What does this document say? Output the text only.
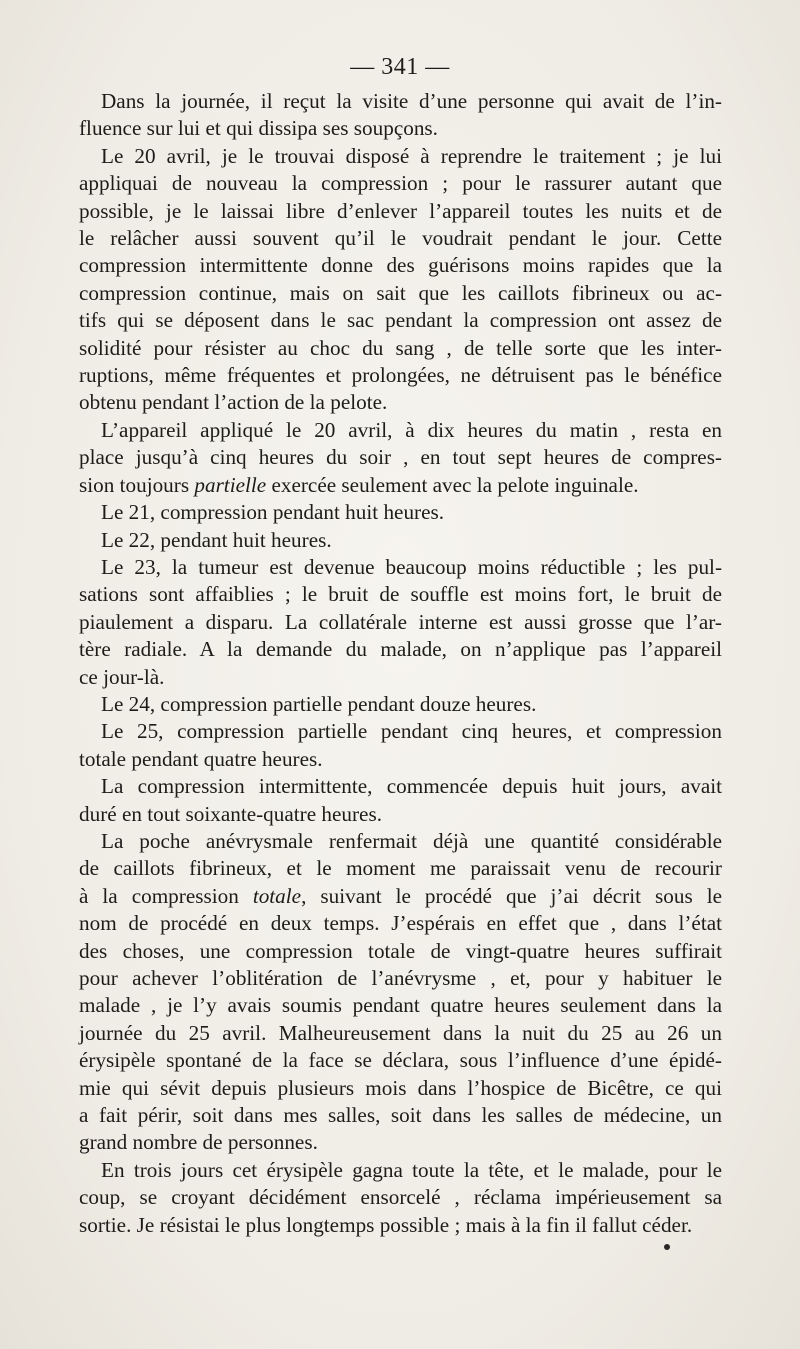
— 341 —

Dans la journée, il reçut la visite d’une personne qui avait de l’in-
fluence sur lui et qui dissipa ses soupçons.

Le 20 avril, je le trouvai disposé à reprendre le traitement ; je lui
appliquai de nouveau la compression ; pour le rassurer autant que
possible, je le laissai libre d’enlever l’appareil toutes les nuits et de
le relâcher aussi souvent qu’il le voudrait pendant le jour. Cette
compression intermittente donne des guérisons moins rapides que la
compression continue, mais on sait que les caillots fibrineux ou ac-
tifs qui se déposent dans le sac pendant la compression ont assez de
solidité pour résister au choc du sang , de telle sorte que les inter-
ruptions, même fréquentes et prolongées, ne détruisent pas le bénéfice
obtenu pendant l’action de la pelote.

L’appareil appliqué le 20 avril, à dix heures du matin , resta en
place jusqu’à cinq heures du soir , en tout sept heures de compres-
sion toujours partielle exercée seulement avec la pelote inguinale.

Le 21, compression pendant huit heures.

Le 22, pendant huit heures.

Le 23, la tumeur est devenue beaucoup moins réductible ; les pul-
sations sont affaiblies ; le bruit de souffle est moins fort, le bruit de
piaulement a disparu. La collatérale interne est aussi grosse que l’ar-
tère radiale. A la demande du malade, on n’applique pas l’appareil
ce jour-là.

Le 24, compression partielle pendant douze heures.

Le 25, compression partielle pendant cinq heures, et compression
totale pendant quatre heures.

La compression intermittente, commencée depuis huit jours, avait
duré en tout soixante-quatre heures.

La poche anévrysmale renfermait déjà une quantité considérable
de caillots fibrineux, et le moment me paraissait venu de recourir
à la compression totale, suivant le procédé que j’ai décrit sous le
nom de procédé en deux temps. J’espérais en effet que , dans l’état
des choses, une compression totale de vingt-quatre heures suffirait
pour achever l’oblitération de l’anévrysme , et, pour y habituer le
malade , je l’y avais soumis pendant quatre heures seulement dans la
journée du 25 avril. Malheureusement dans la nuit du 25 au 26 un
érysipèle spontané de la face se déclara, sous l’influence d’une épidé-
mie qui sévit depuis plusieurs mois dans l’hospice de Bicêtre, ce qui
a fait périr, soit dans mes salles, soit dans les salles de médecine, un
grand nombre de personnes.

En trois jours cet érysipèle gagna toute la tête, et le malade, pour le
coup, se croyant décidément ensorcelé , réclama impérieusement sa
sortie. Je résistai le plus longtemps possible ; mais à la fin il fallut céder.
